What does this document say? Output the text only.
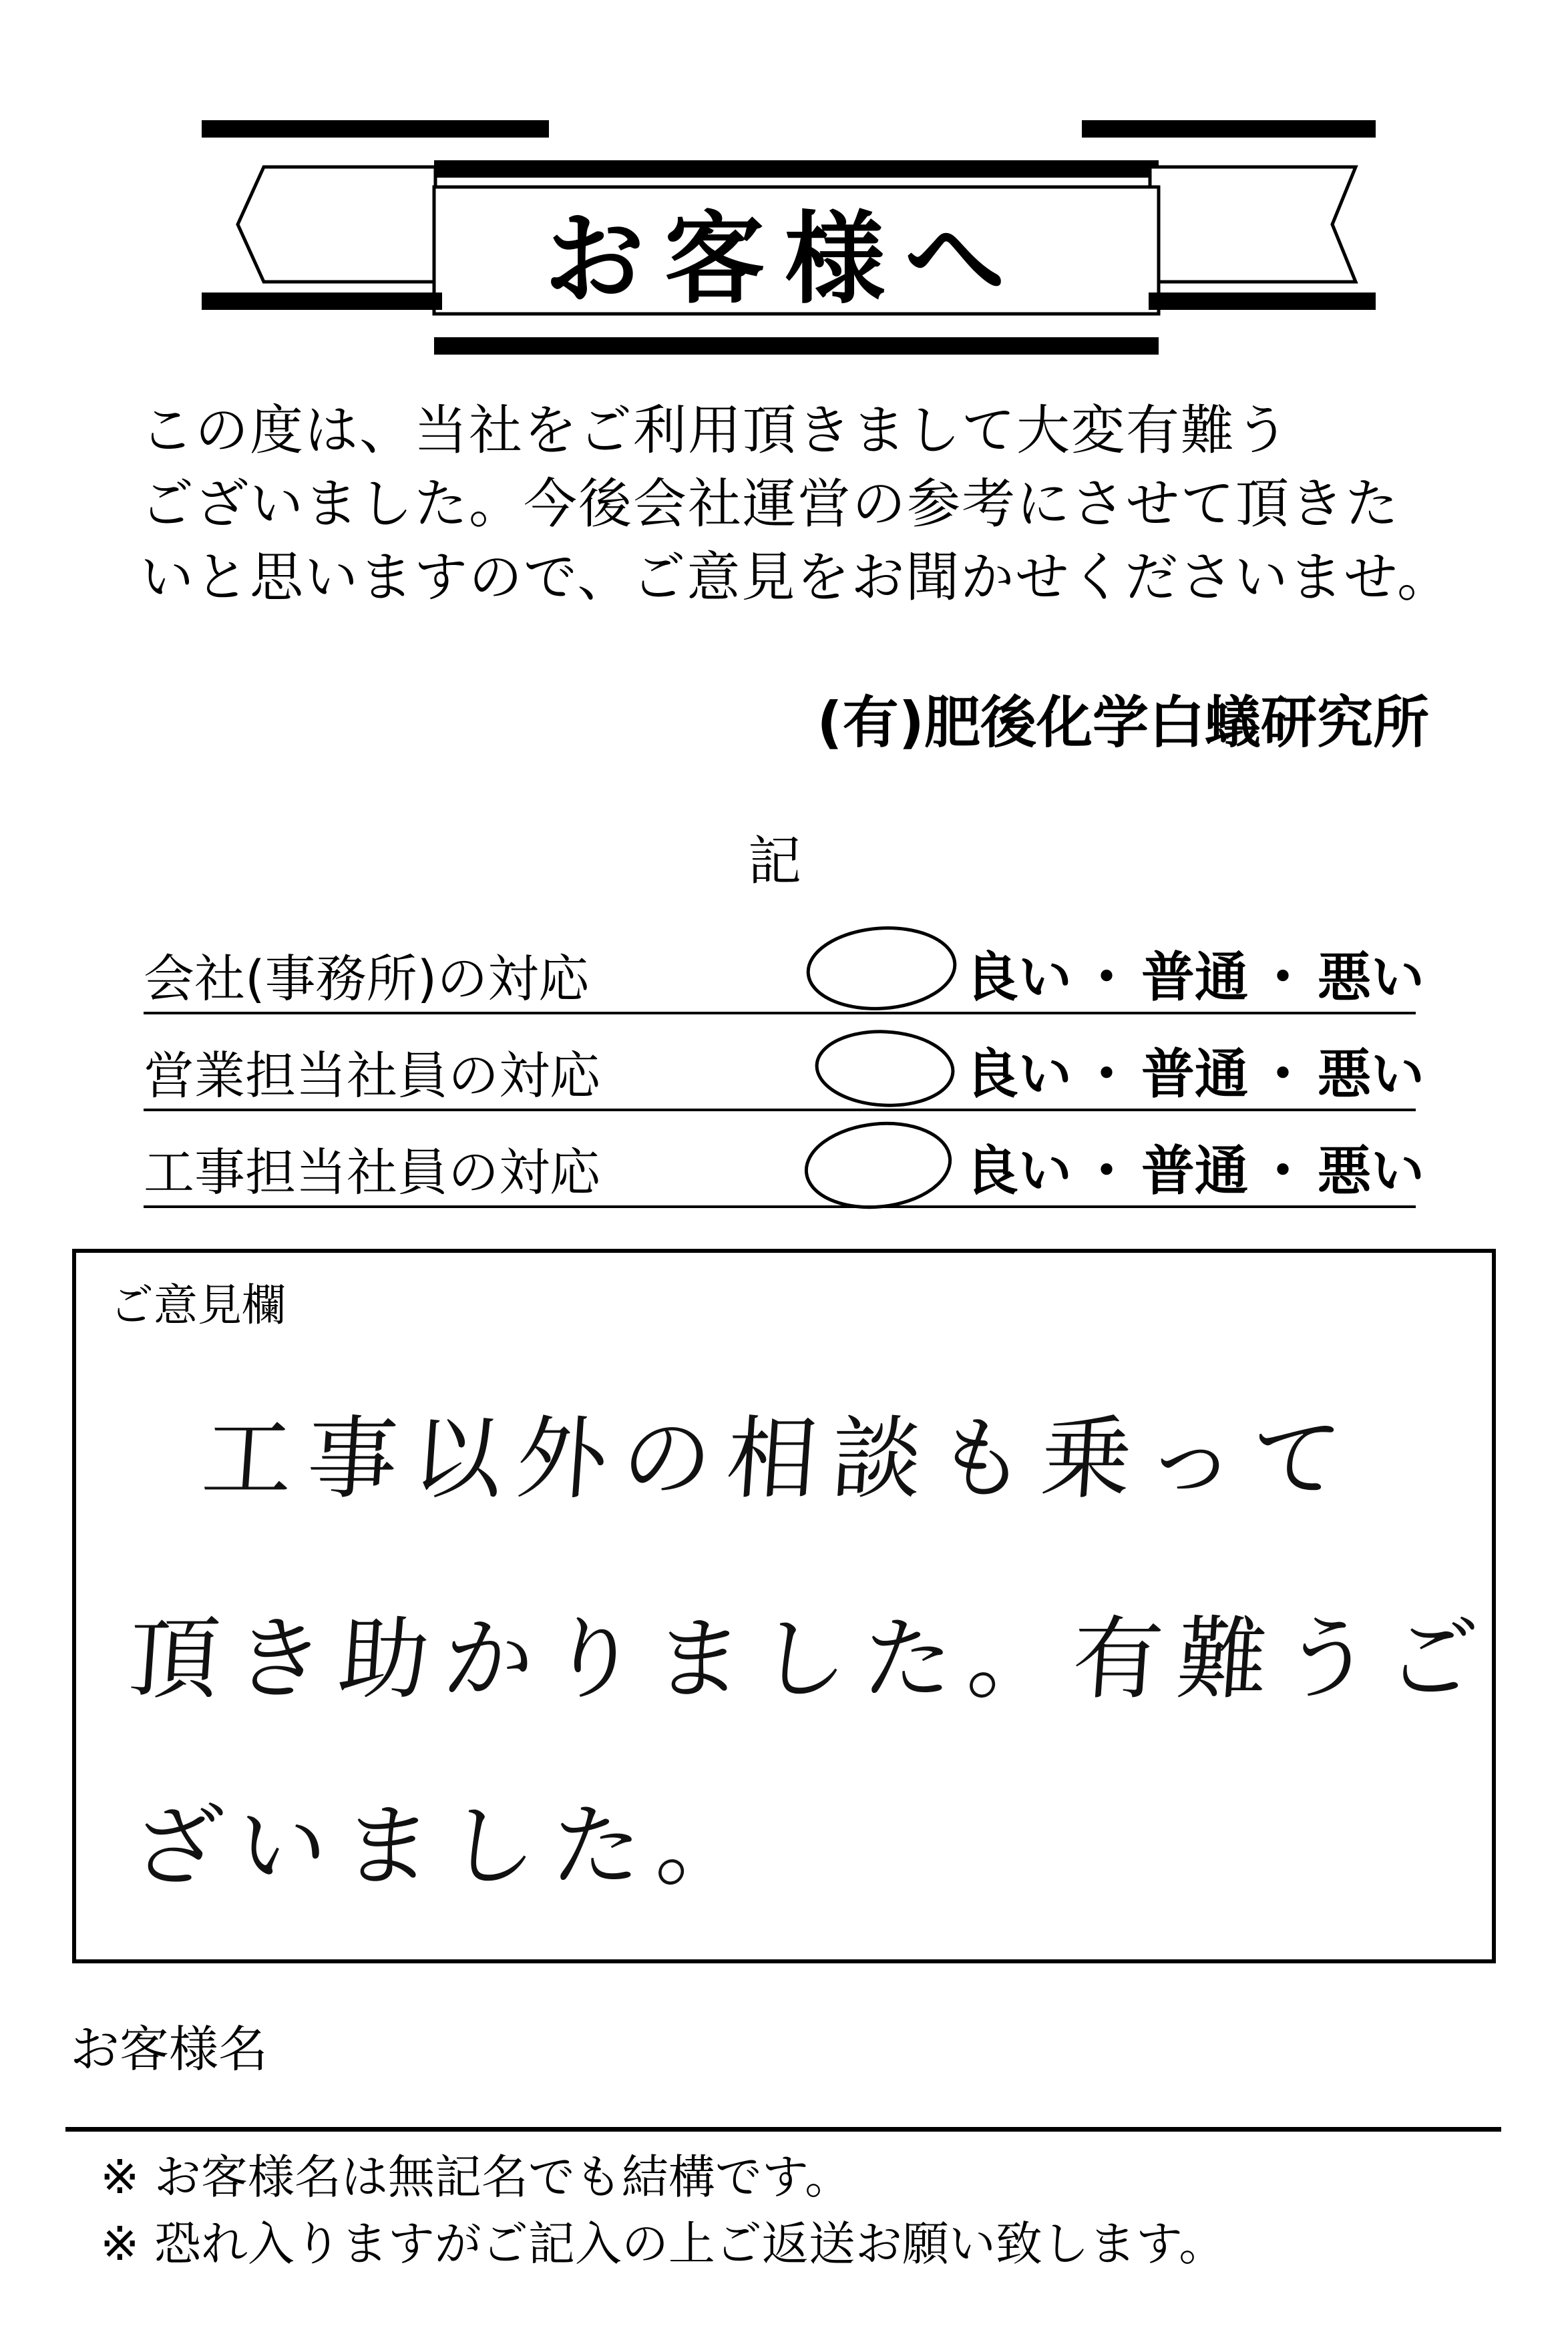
お客様へ
この度は、当社をご利用頂きまして大変有難う
ございました。今後会社運営の参考にさせて頂きた
いと思いますので、ご意見をお聞かせくださいませ。
(有)肥後化学白蟻研究所
記
会社(事務所)の対応	良い ・ 普通 ・ 悪い
営業担当社員の対応	良い ・ 普通 ・ 悪い
工事担当社員の対応	良い ・ 普通 ・ 悪い
ご意見欄
工事以外の相談も乗って
頂き助かりました。有難うご
ざいました。
お客様名
※ お客様名は無記名でも結構です。
※ 恐れ入りますがご記入の上ご返送お願い致します。
